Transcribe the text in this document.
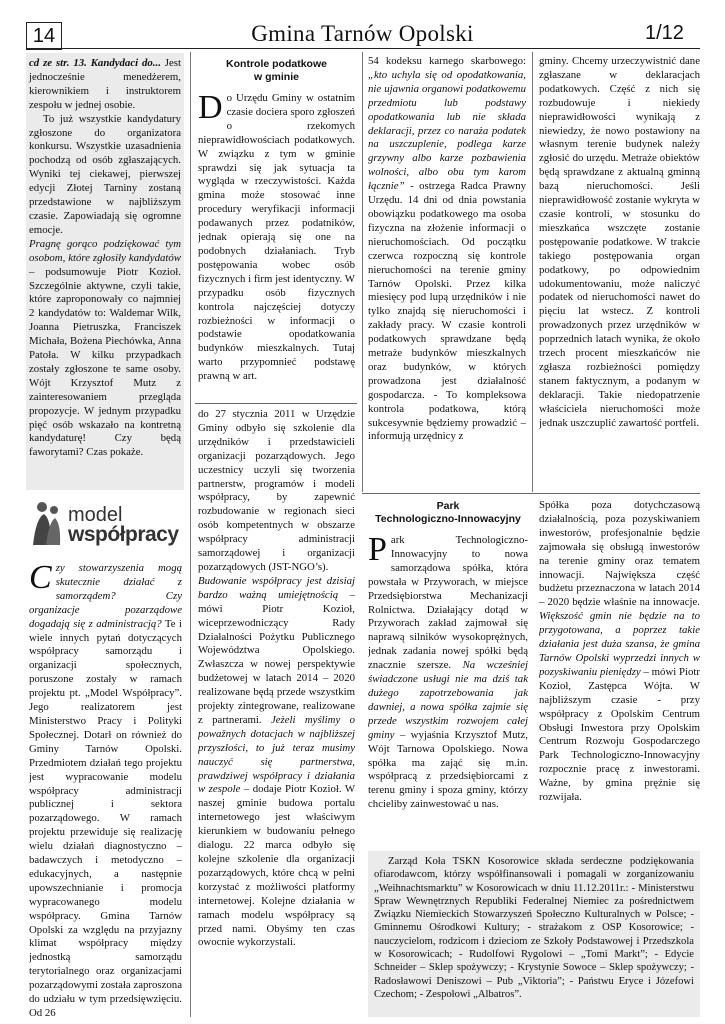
14	Gmina Tarnów Opolski	1/12

cd ze str. 13. Kandydaci do... Jest jednocześnie menedżerem, kierownikiem i instruktorem zespołu w jednej osobie.

To już wszystkie kandydatury zgłoszone do organizatora konkursu. Wszystkie uzasadnienia pochodzą od osób zgłaszających. Wyniki tej ciekawej, pierwszej edycji Złotej Tarniny zostaną przedstawione w najbliższym czasie. Zapowiadają się ogromne emocje.

Pragnę gorąco podziękować tym osobom, które zgłosiły kandydatów – podsumowuje Piotr Kozioł. Szczególnie aktywne, czyli takie, które zaproponowały co najmniej 2 kandydatów to: Waldemar Wilk, Joanna Pietruszka, Franciszek Michała, Bożena Piechówka, Anna Patoła. W kilku przypadkach zostały zgłoszone te same osoby. Wójt Krzysztof Mutz z zainteresowaniem przegląda propozycje. W jednym przypadku pięć osób wskazało na kontretną kandydaturę! Czy będą faworytami? Czas pokaże.

model
współpracy

Czy stowarzyszenia mogą skutecznie działać z samorządem? Czy organizacje pozarządowe dogadają się z administracją? Te i wiele innych pytań dotyczących współpracy samorządu i organizacji społecznych, poruszone zostały w ramach projektu pt. „Model Współpracy”. Jego realizatorem jest Ministerstwo Pracy i Polityki Społecznej. Dotarł on również do Gminy Tarnów Opolski. Przedmiotem działań tego projektu jest wypracowanie modelu współpracy administracji publicznej i sektora pozarządowego. W ramach projektu przewiduje się realizację wielu działań diagnostyczno – badawczych i metodyczno – edukacyjnych, a następnie upowszechnianie i promocja wypracowanego modelu współpracy. Gmina Tarnów Opolski za względu na przyjazny klimat współpracy między jednostką samorządu terytorialnego oraz organizacjami pozarządowymi została zaproszona do udziału w tym przedsięwzięciu. Od 26

Kontrole podatkowe
w gminie

Do Urzędu Gminy w ostatnim czasie dociera sporo zgłoszeń o rzekomych nieprawidłowościach podatkowych. W związku z tym w gminie sprawdzi się jak sytuacja ta wygląda w rzeczywistości. Każda gmina może stosować inne procedury weryfikacji informacji podawanych przez podatników, jednak opierają się one na podobnych działaniach. Tryb postępowania wobec osób fizycznych i firm jest identyczny. W przypadku osób fizycznych kontrola najczęściej dotyczy rozbieżności w informacji o podstawie opodatkowania budynków mieszkalnych. Tutaj warto przypomnieć podstawę prawną w art.

do 27 stycznia 2011 w Urzędzie Gminy odbyło się szkolenie dla urzędników i przedstawicieli organizacji pozarządowych. Jego uczestnicy uczyli się tworzenia partnerstw, programów i modeli współpracy, by zapewnić rozbudowanie w regionach sieci osób kompetentnych w obszarze współpracy administracji samorządowej i organizacji pozarządowych (JST-NGO’s).

Budowanie współpracy jest dzisiaj bardzo ważną umiejętnością – mówi Piotr Kozioł, wiceprzewodniczący Rady Działalności Pożytku Publicznego Województwa Opolskiego. Zwłaszcza w nowej perspektywie budżetowej w latach 2014 – 2020 realizowane będą przede wszystkim projekty zintegrowane, realizowane z partnerami. Jeżeli myślimy o powažnych dotacjach w najbliższej przyszłości, to już teraz musimy nauczyć się partnerstwa, prawdziwej współpracy i działania w zespole – dodaje Piotr Kozioł. W naszej gminie budowa portalu internetowego jest właściwym kierunkiem w budowaniu pełnego dialogu. 22 marca odbyło się kolejne szkolenie dla organizacji pozarządowych, które chcą w pełni korzystać z możliwości platformy internetowej. Kolejne działania w ramach modelu współpracy są przed nami. Obyśmy ten czas owocnie wykorzystali.

54 kodeksu karnego skarbowego: „kto uchyla się od opodatkowania, nie ujawnia organowi podatkowemu przedmiotu lub podstawy opodatkowania lub nie składa deklaracji, przez co naraża podatek na uszczuplenie, podlega karze grzywny albo karze pozbawienia wolności, albo obu tym karom łącznie” - ostrzega Radca Prawny Urzędu. 14 dni od dnia powstania obowiązku podatkowego ma osoba fizyczna na złożenie informacji o nieruchomościach. Od początku czerwca rozpoczną się kontrole nieruchomości na terenie gminy Tarnów Opolski. Przez kilka miesięcy pod lupą urzędników i nie tylko znajdą się nieruchomości i zakłady pracy. W czasie kontroli podatkowych sprawdzane będą metraże budynków mieszkalnych oraz budynków, w których prowadzona jest działalność gospodarcza. - To kompleksowa kontrola podatkowa, którą sukcesywnie będziemy prowadzić – informują urzędnicy z

gminy. Chcemy urzeczywistnić dane zgłaszane w deklaracjach podatkowych. Część z nich się rozbudowuje i niekiedy nieprawidłowości wynikają z niewiedzy, że nowo postawiony na własnym terenie budynek należy zgłosić do urzędu. Metraże obiektów będą sprawdzane z aktualną gminną bazą nieruchomości. Jeśli nieprawidłowość zostanie wykryta w czasie kontroli, w stosunku do mieszkańca wszczęte zostanie postępowanie podatkowe. W trakcie takiego postępowania organ podatkowy, po odpowiednim udokumentowaniu, może naliczyć podatek od nieruchomości nawet do pięciu lat wstecz. Z kontroli prowadzonych przez urzędników w poprzednich latach wynika, że około trzech procent mieszkańców nie zgłasza rozbieżności pomiędzy stanem faktycznym, a podanym w deklaracji. Takie niedopatrzenie właściciela nieruchomości może jednak uszczuplić zawartość portfeli.

Park
Technologiczno-Innowacyjny

Park Technologiczno-Innowacyjny to nowa samorządowa spółka, która powstała w Przyworach, w miejsce Przedsiębiorstwa Mechanizacji Rolnictwa. Działający dotąd w Przyworach zakład zajmował się naprawą silników wysokoprężnych, jednak zadania nowej spółki będą znacznie szersze. Na wcześniej świadczone usługi nie ma dziś tak dużego zapotrzebowania jak dawniej, a nowa spółka zajmie się przede wszystkim rozwojem całej gminy – wyjaśnia Krzysztof Mutz, Wójt Tarnowa Opolskiego. Nowa spółka ma zająć się m.in. współpracą z przedsiębiorcami z terenu gminy i spoza gminy, którzy chcieliby zainwestować u nas.

Spółka poza dotychczasową działalnością, poza pozyskiwaniem inwestorów, profesjonalnie będzie zajmowała się obsługą inwestorów na terenie gminy oraz tematem innowacji. Największa część budżetu przeznaczona w latach 2014 – 2020 będzie właśnie na innowacje. Większość gmin nie będzie na to przygotowana, a poprzez takie działania jest duża szansa, że gmina Tarnów Opolski wyprzedzi innych w pozyskiwaniu pieniędzy – mówi Piotr Kozioł, Zastępca Wójta. W najbliższym czasie - przy współpracy z Opolskim Centrum Obsługi Inwestora przy Opolskim Centrum Rozwoju Gospodarczego Park Technologiczno-Innowacyjny rozpocznie pracę z inwestorami. Ważne, by gmina pręźnie się rozwijała.

Zarząd Koła TSKN Kosorowice składa serdeczne podziękowania ofiarodawcom, którzy współfinansowali i pomagali w zorganizowaniu „Weihnachtsmarktu” w Kosorowicach w dniu 11.12.2011r.: - Ministerstwu Spraw Wewnętrznych Republiki Federalnej Niemiec za pośrednictwem Związku Niemieckich Stowarzyszeń Społeczno Kulturalnych w Polsce; - Gminnemu Ośrodkowi Kultury; - strażakom z OSP Kosorowice; - nauczycielom, rodzicom i dzieciom ze Szkoły Podstawowej i Przedszkola w Kosorowicach; - Rudolfowi Rygolowi – „Tomi Markt”; - Edycie Schneider – Sklep spożywczy; - Krystynie Sowoce – Sklep spożywczy; - Radosławowi Deniszowi – Pub „Viktoria”; - Państwu Eryce i Józefowi Czechom; - Zespołowi „Albatros”.
